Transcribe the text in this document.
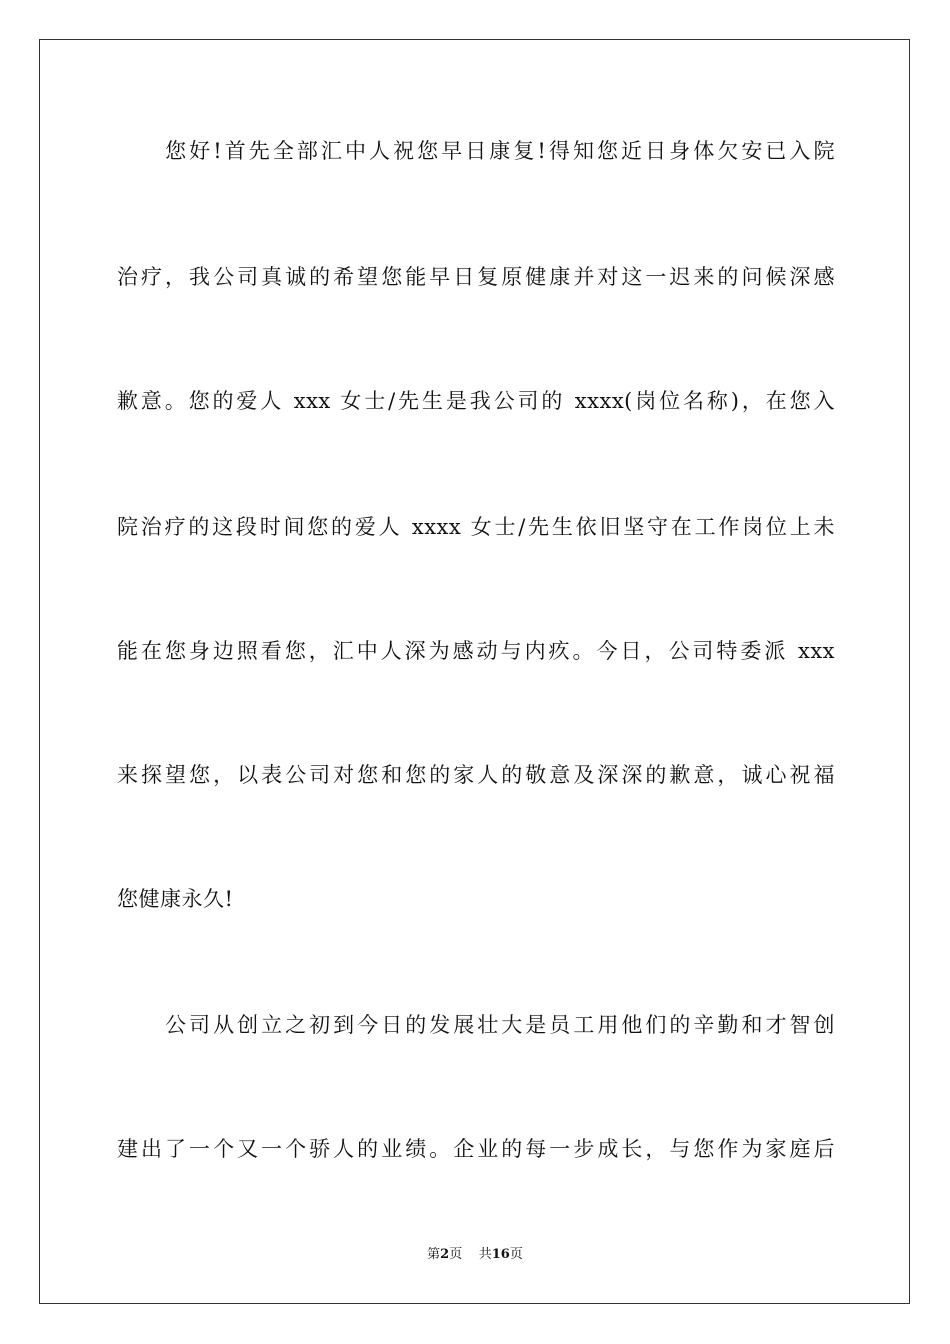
　　您好!首先全部汇中人祝您早日康复!得知您近日身体欠安已入院
治疗，我公司真诚的希望您能早日复原健康并对这一迟来的问候深感
歉意。您的爱人 xxx 女士/先生是我公司的 xxxx(岗位名称)，在您入
院治疗的这段时间您的爱人 xxxx 女士/先生依旧坚守在工作岗位上未
能在您身边照看您，汇中人深为感动与内疚。今日，公司特委派 xxx
来探望您，以表公司对您和您的家人的敬意及深深的歉意，诚心祝福
您健康永久!
　　公司从创立之初到今日的发展壮大是员工用他们的辛勤和才智创
建出了一个又一个骄人的业绩。企业的每一步成长，与您作为家庭后
第2页 共16页
